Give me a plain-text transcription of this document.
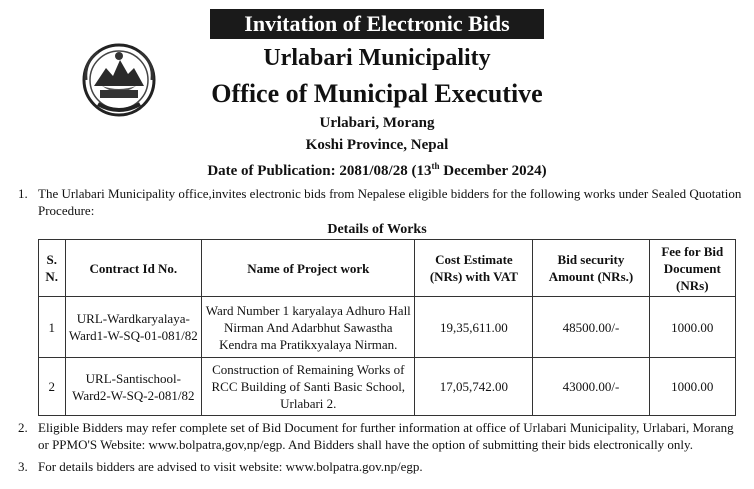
Invitation of Electronic Bids
Urlabari Municipality
Office of Municipal Executive
Urlabari, Morang
Koshi Province, Nepal
Date of Publication: 2081/08/28 (13th December 2024)
1. The Urlabari Municipality office,invites electronic bids from Nepalese eligible bidders for the following works under Sealed Quotation Procedure:
Details of Works
S. N.	Contract Id No.	Name of Project work	Cost Estimate (NRs) with VAT	Bid security Amount (NRs.)	Fee for Bid Document (NRs)
1	URL-Wardkaryalaya-Ward1-W-SQ-01-081/82	Ward Number 1 karyalaya Adhuro Hall Nirman And Adarbhut Sawastha Kendra ma Pratikxyalaya Nirman.	19,35,611.00	48500.00/-	1000.00
2	URL-Santischool-Ward2-W-SQ-2-081/82	Construction of Remaining Works of RCC Building of Santi Basic School, Urlabari 2.	17,05,742.00	43000.00/-	1000.00
2. Eligible Bidders may refer complete set of Bid Document for further information at office of Urlabari Municipality, Urlabari, Morang or PPMO'S Website: www.bolpatra,gov,np/egp. And Bidders shall have the option of submitting their bids electronically only.
3. For details bidders are advised to visit website: www.bolpatra.gov.np/egp.
